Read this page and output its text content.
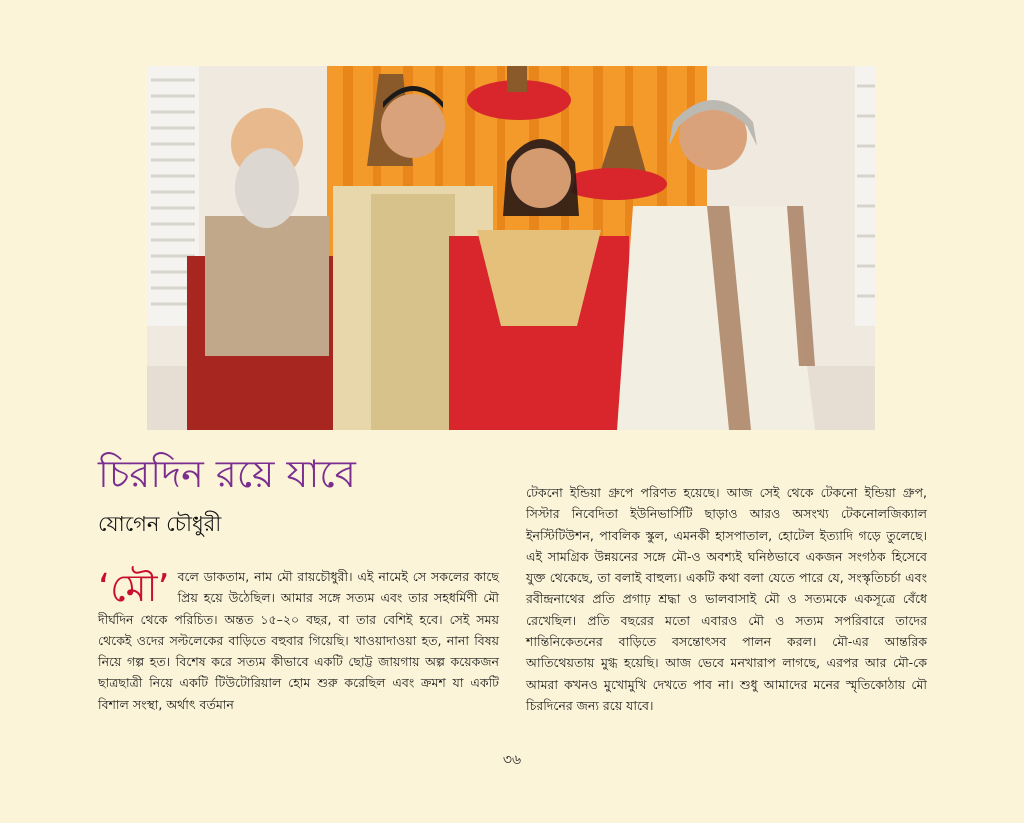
চিরদিন রয়ে যাবে
যোগেন চৌধুরী
‘মৌ’ বলে ডাকতাম, নাম মৌ রায়চৌধুরী। এই নামেই সে সকলের কাছে প্রিয় হয়ে উঠেছিল। আমার সঙ্গে সত্যম এবং তার সহধর্মিণী মৌ দীর্ঘদিন থেকে পরিচিত। অন্তত ১৫–২০ বছর, বা তার বেশিই হবে। সেই সময় থেকেই ওদের সল্টলেকের বাড়িতে বহুবার গিয়েছি। খাওয়াদাওয়া হত, নানা বিষয় নিয়ে গল্প হত। বিশেষ করে সত্যম কীভাবে একটি ছোট্ট জায়গায় অল্প কয়েকজন ছাত্রছাত্রী নিয়ে একটি টিউটোরিয়াল হোম শুরু করেছিল এবং ক্রমশ যা একটি বিশাল সংস্থা, অর্থাৎ বর্তমান
টেকনো ইন্ডিয়া গ্রুপে পরিণত হয়েছে। আজ সেই থেকে টেকনো ইন্ডিয়া গ্রুপ, সিস্টার নিবেদিতা ইউনিভার্সিটি ছাড়াও আরও অসংখ্য টেকনোলজিক্যাল ইনস্টিটিউশন, পাবলিক স্কুল, এমনকী হাসপাতাল, হোটেল ইত্যাদি গড়ে তুলেছে। এই সামগ্রিক উন্নয়নের সঙ্গে মৌ-ও অবশ্যই ঘনিষ্ঠভাবে একজন সংগঠক হিসেবে যুক্ত থেকেছে, তা বলাই বাহুল্য। একটি কথা বলা যেতে পারে যে, সংস্কৃতিচর্চা এবং রবীন্দ্রনাথের প্রতি প্রগাঢ় শ্রদ্ধা ও ভালবাসাই মৌ ও সত্যমকে একসূত্রে বেঁধে রেখেছিল। প্রতি বছরের মতো এবারও মৌ ও সত্যম সপরিবারে তাদের শান্তিনিকেতনের বাড়িতে বসন্তোৎসব পালন করল। মৌ-এর আন্তরিক আতিথেয়তায় মুগ্ধ হয়েছি। আজ ভেবে মনখারাপ লাগছে, এরপর আর মৌ-কে আমরা কখনও মুখোমুখি দেখতে পাব না। শুধু আমাদের মনের স্মৃতিকোঠায় মৌ চিরদিনের জন্য রয়ে যাবে।
৩৬
